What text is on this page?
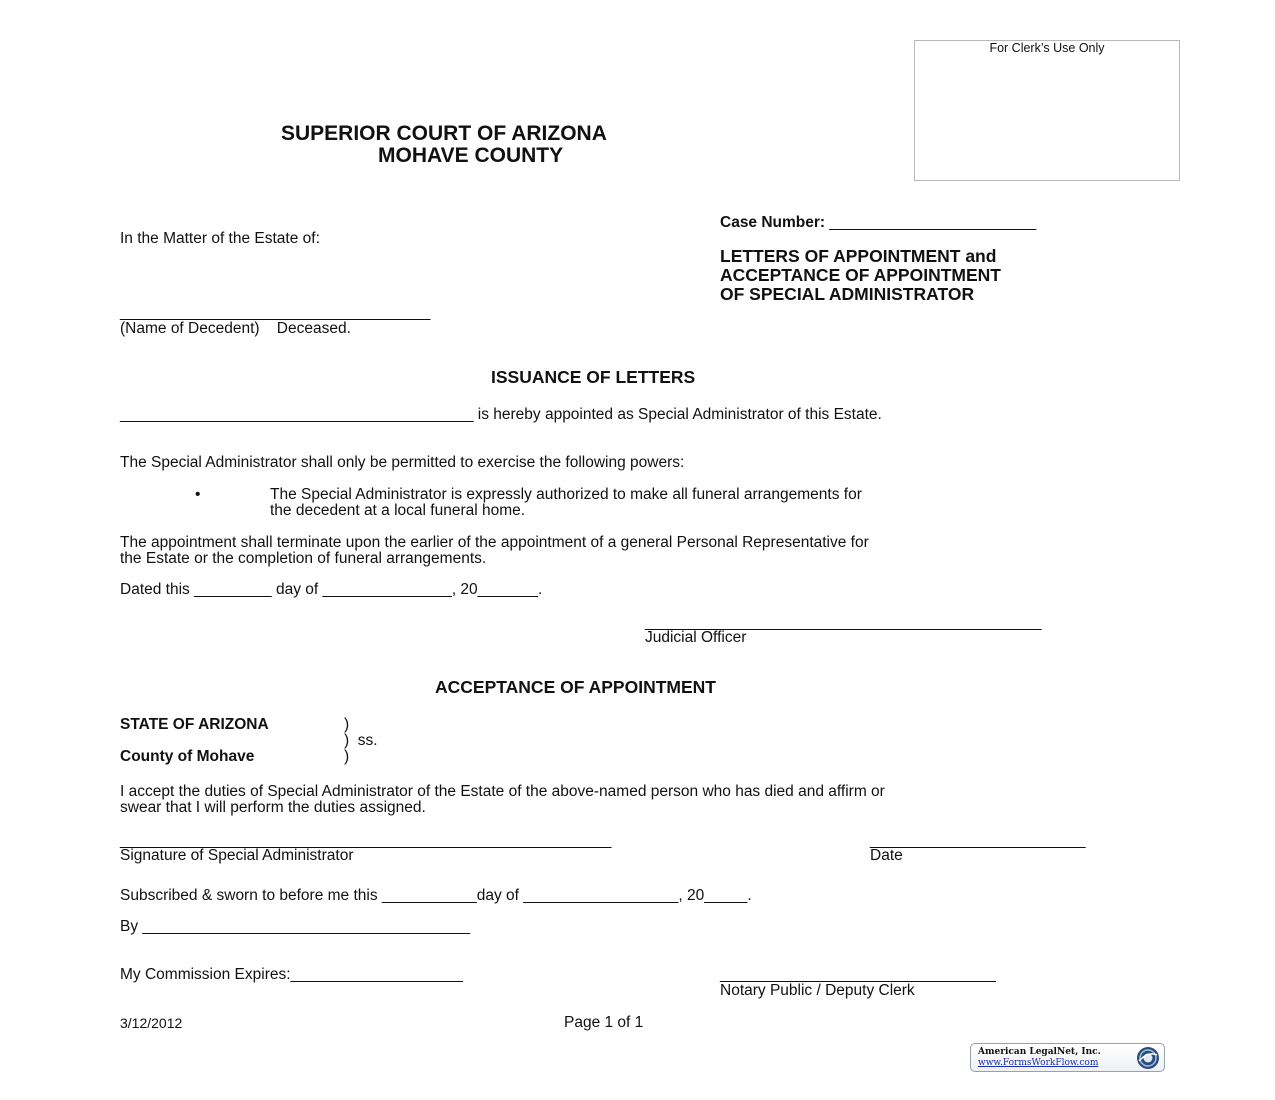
For Clerk’s Use Only
SUPERIOR COURT OF ARIZONA
MOHAVE COUNTY
Case Number: ________________________
In the Matter of the Estate of:
____________________________________
(Name of Decedent)    Deceased.
LETTERS OF APPOINTMENT and
ACCEPTANCE OF APPOINTMENT
OF SPECIAL ADMINISTRATOR
ISSUANCE OF LETTERS
_________________________________________ is hereby appointed as Special Administrator of this Estate.
The Special Administrator shall only be permitted to exercise the following powers:
•	The Special Administrator is expressly authorized to make all funeral arrangements for
the decedent at a local funeral home.
The appointment shall terminate upon the earlier of the appointment of a general Personal Representative for
the Estate or the completion of funeral arrangements.
Dated this _________ day of _______________, 20_______.
______________________________________________
Judicial Officer
ACCEPTANCE OF APPOINTMENT
STATE OF ARIZONA	)
)  ss.
County of Mohave	)
I accept the duties of Special Administrator of the Estate of the above-named person who has died and affirm or
swear that I will perform the duties assigned.
_________________________________________________________
Signature of Special Administrator
_________________________
Date
Subscribed & sworn to before me this ___________day of __________________, 20_____.
By ______________________________________
My Commission Expires:____________________	________________________________
Notary Public / Deputy Clerk
3/12/2012	Page 1 of 1
American LegalNet, Inc.
www.FormsWorkFlow.com
